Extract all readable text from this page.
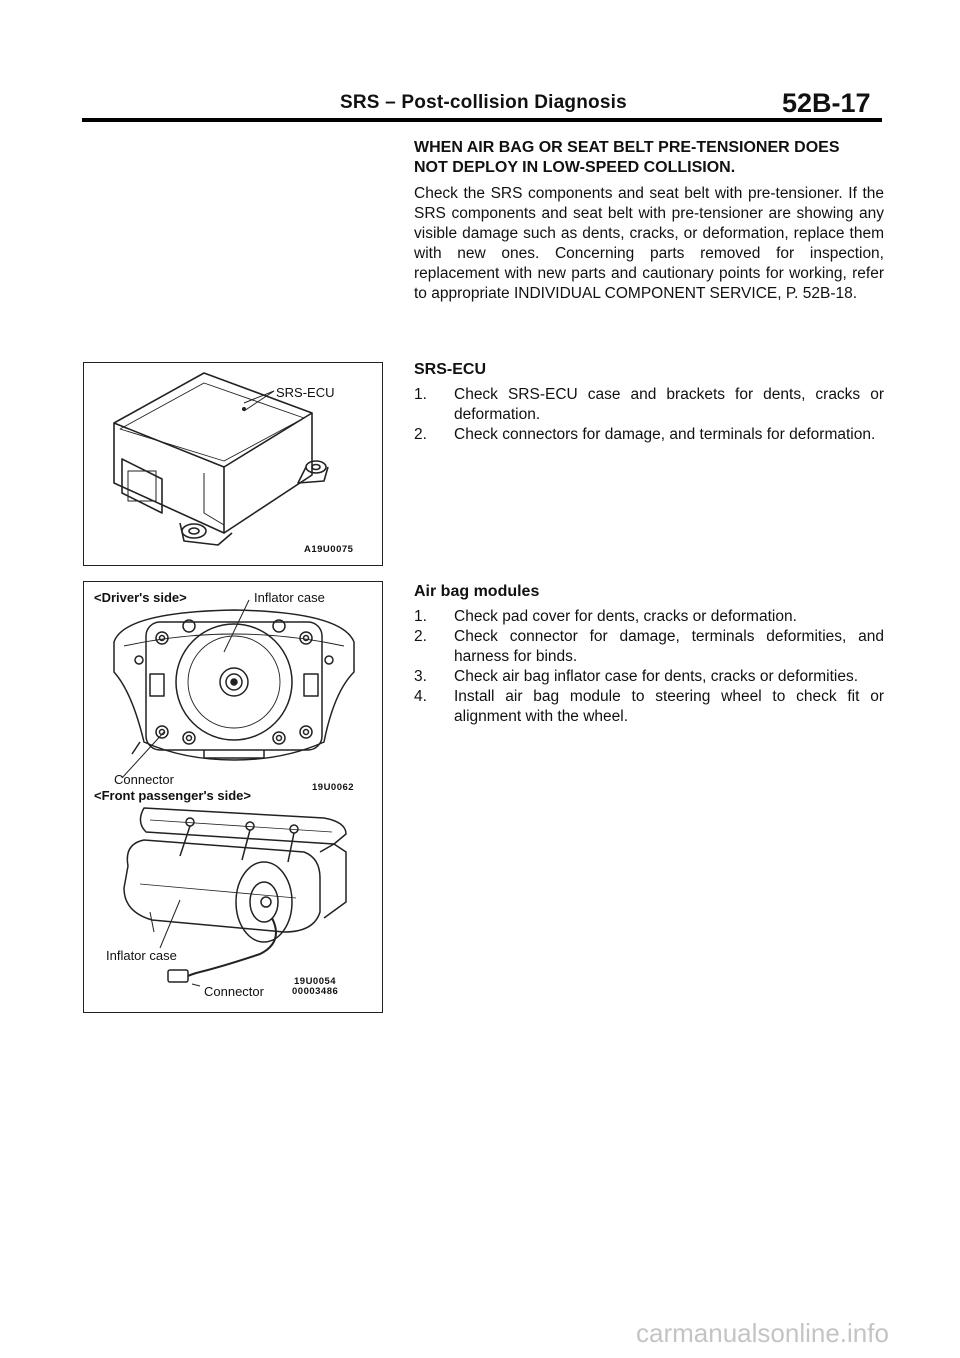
SRS – Post-collision Diagnosis	52B-17
WHEN AIR BAG OR SEAT BELT PRE-TENSIONER DOES
NOT DEPLOY IN LOW-SPEED COLLISION.

Check the SRS components and seat belt with pre-tensioner. If the SRS components and seat belt with pre-tensioner are showing any visible damage such as dents, cracks, or deformation, replace them with new ones. Concerning parts removed for inspection, replacement with new parts and cautionary points for working, refer to appropriate INDIVIDUAL COMPONENT SERVICE, P. 52B-18.

SRS-ECU
1.	Check SRS-ECU case and brackets for dents, cracks or deformation.
2.	Check connectors for damage, and terminals for deformation.
Air bag modules
1.	Check pad cover for dents, cracks or deformation.
2.	Check connector for damage, terminals deformities, and harness for binds.
3.	Check air bag inflator case for dents, cracks or deformities.
4.	Install air bag module to steering wheel to check fit or alignment with the wheel.
SRS-ECU
A19U0075
<Driver's side>	Inflator case
Connector
19U0062
<Front passenger's side>
Inflator case
Connector
19U0054
00003486
carmanualsonline.info
